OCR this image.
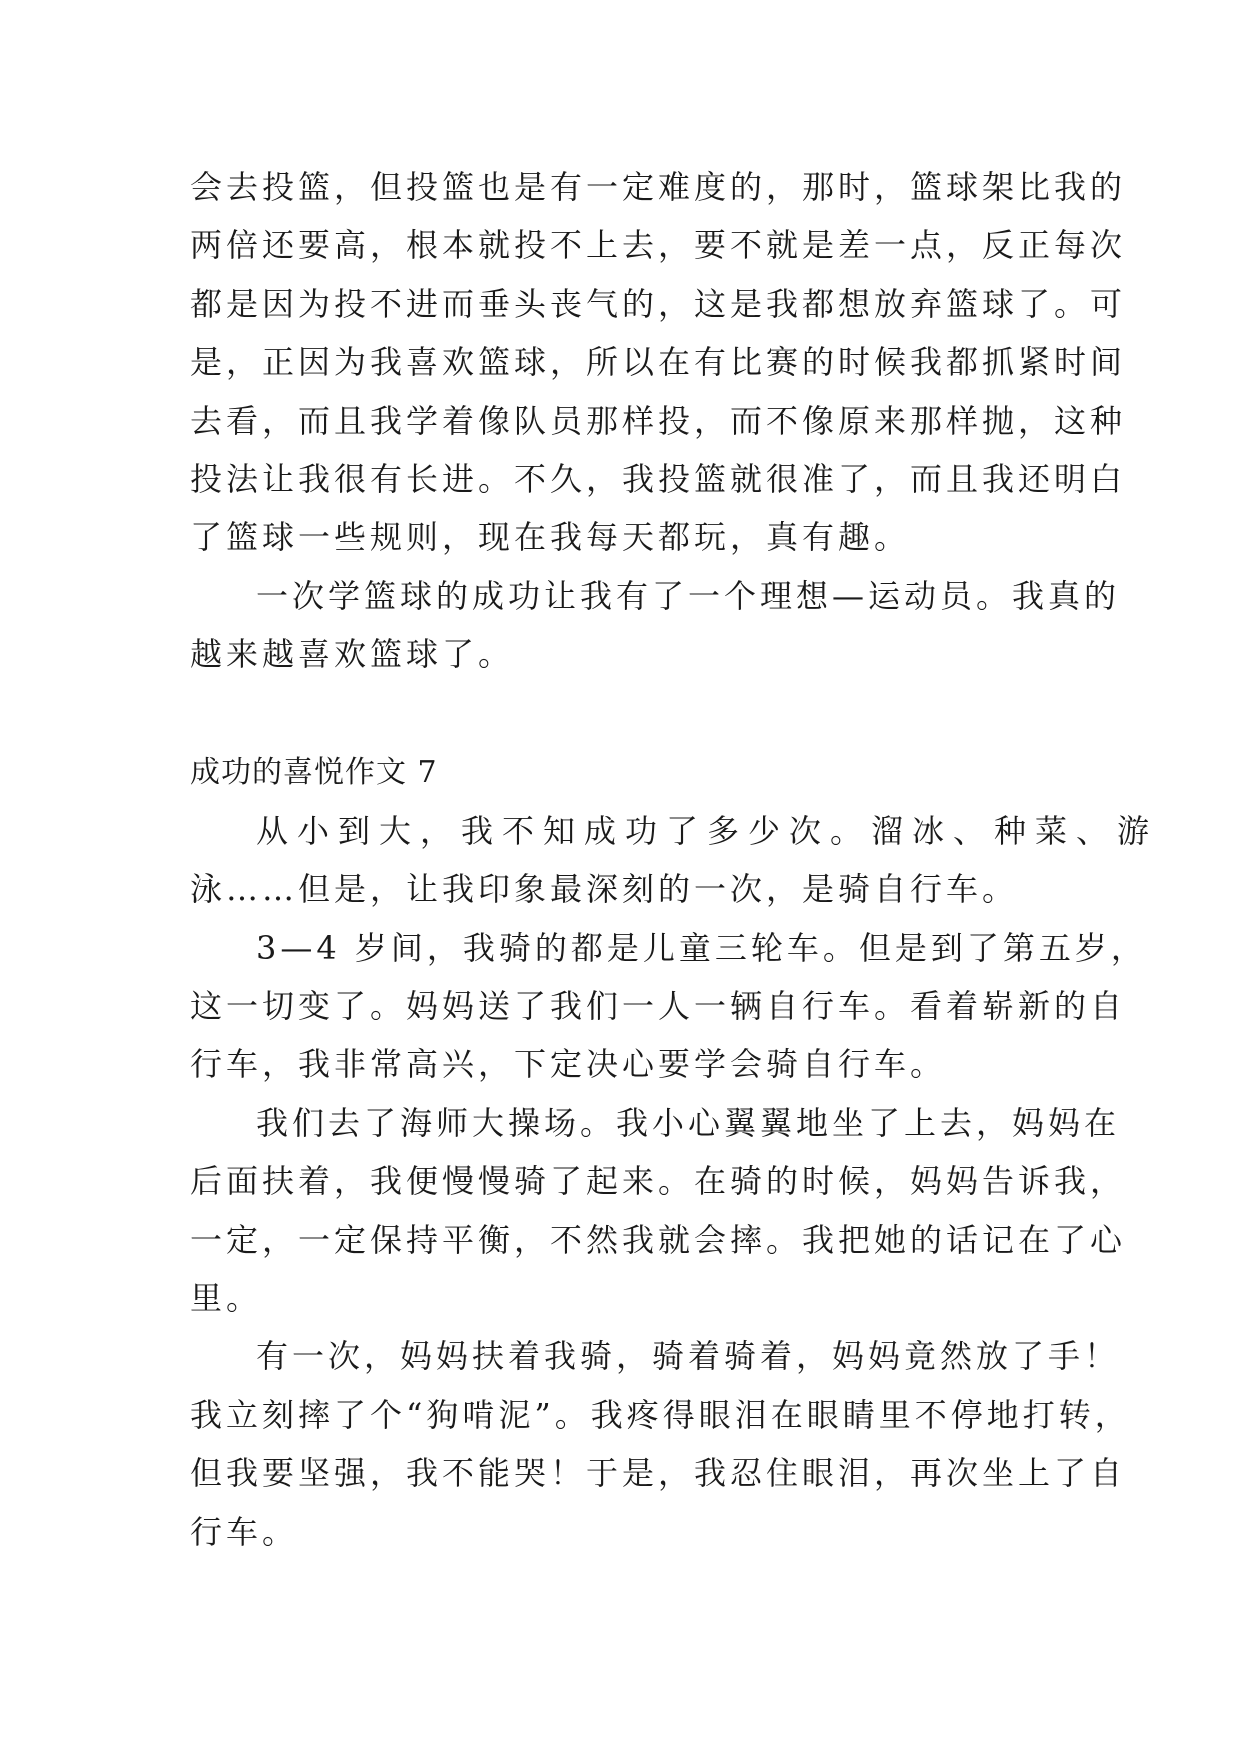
会去投篮，但投篮也是有一定难度的，那时，篮球架比我的
两倍还要高，根本就投不上去，要不就是差一点，反正每次
都是因为投不进而垂头丧气的，这是我都想放弃篮球了。可
是，正因为我喜欢篮球，所以在有比赛的时候我都抓紧时间
去看，而且我学着像队员那样投，而不像原来那样抛，这种
投法让我很有长进。不久，我投篮就很准了，而且我还明白
了篮球一些规则，现在我每天都玩，真有趣。
一次学篮球的成功让我有了一个理想—运动员。我真的
越来越喜欢篮球了。
成功的喜悦作文 7
从小到大，我不知成功了多少次。溜冰、种菜、游
泳……但是，让我印象最深刻的一次，是骑自行车。
3—4 岁间，我骑的都是儿童三轮车。但是到了第五岁，
这一切变了。妈妈送了我们一人一辆自行车。看着崭新的自
行车，我非常高兴，下定决心要学会骑自行车。
我们去了海师大操场。我小心翼翼地坐了上去，妈妈在
后面扶着，我便慢慢骑了起来。在骑的时候，妈妈告诉我，
一定，一定保持平衡，不然我就会摔。我把她的话记在了心
里。
有一次，妈妈扶着我骑，骑着骑着，妈妈竟然放了手！
我立刻摔了个“狗啃泥”。我疼得眼泪在眼睛里不停地打转，
但我要坚强，我不能哭！于是，我忍住眼泪，再次坐上了自
行车。
